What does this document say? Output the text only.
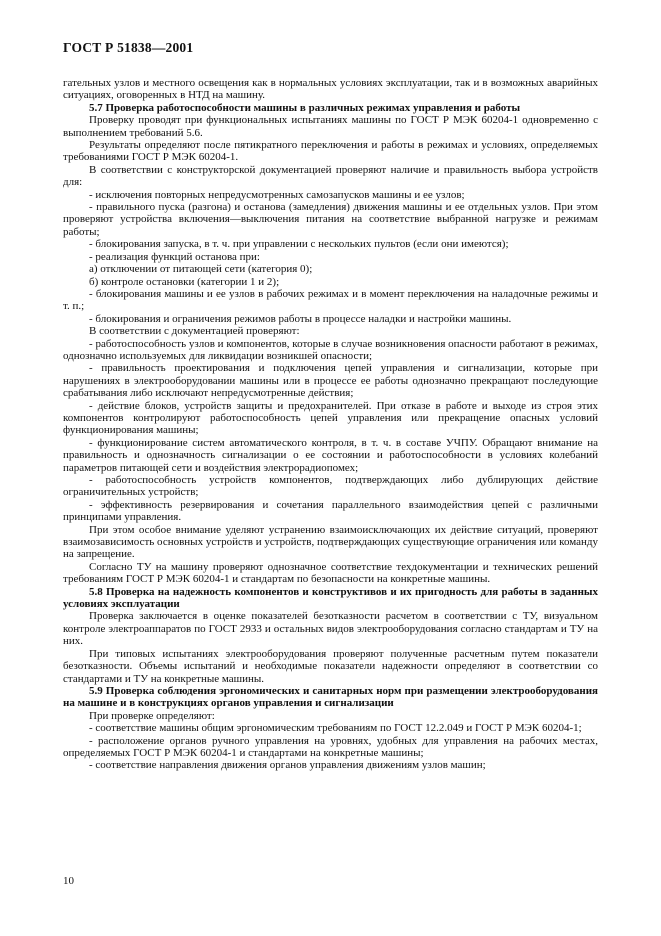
ГОСТ Р 51838—2001

гательных узлов и местного освещения как в нормальных условиях эксплуатации, так и в возможных аварийных ситуациях, оговоренных в НТД на машину.

5.7 Проверка работоспособности машины в различных режимах управления и работы

Проверку проводят при функциональных испытаниях машины по ГОСТ Р МЭК 60204-1 одновременно с выполнением требований 5.6.

Результаты определяют после пятикратного переключения и работы в режимах и условиях, определяемых требованиями ГОСТ Р МЭК 60204-1.

В соответствии с конструкторской документацией проверяют наличие и правильность выбора устройств для:

- исключения повторных непредусмотренных самозапусков машины и ее узлов;

- правильного пуска (разгона) и останова (замедления) движения машины и ее отдельных узлов. При этом проверяют устройства включения—выключения питания на соответствие выбранной нагрузке и режимам работы;

- блокирования запуска, в т. ч. при управлении с нескольких пультов (если они имеются);

- реализация функций останова при:

а) отключении от питающей сети (категория 0);

б) контроле остановки (категории 1 и 2);

- блокирования машины и ее узлов в рабочих режимах и в момент переключения на наладочные режимы и т. п.;

- блокирования и ограничения режимов работы в процессе наладки и настройки машины.

В соответствии с документацией проверяют:

- работоспособность узлов и компонентов, которые в случае возникновения опасности работают в режимах, однозначно используемых для ликвидации возникшей опасности;

- правильность проектирования и подключения цепей управления и сигнализации, которые при нарушениях в электрооборудовании машины или в процессе ее работы однозначно прекращают последующие срабатывания либо исключают непредусмотренные действия;

- действие блоков, устройств защиты и предохранителей. При отказе в работе и выходе из строя этих компонентов контролируют работоспособность цепей управления или прекращение опасных условий функционирования машины;

- функционирование систем автоматического контроля, в т. ч. в составе УЧПУ. Обращают внимание на правильность и однозначность сигнализации о ее состоянии и работоспособности в условиях колебаний параметров питающей сети и воздействия электрорадиопомех;

- работоспособность устройств компонентов, подтверждающих либо дублирующих действие ограничительных устройств;

- эффективность резервирования и сочетания параллельного взаимодействия цепей с различными принципами управления.

При этом особое внимание уделяют устранению взаимоисключающих их действие ситуаций, проверяют взаимозависимость основных устройств и устройств, подтверждающих существующие ограничения или команду на запрещение.

Согласно ТУ на машину проверяют однозначное соответствие техдокументации и технических решений требованиям ГОСТ Р МЭК 60204-1 и стандартам по безопасности на конкретные машины.

5.8 Проверка на надежность компонентов и конструктивов и их пригодность для работы в заданных условиях эксплуатации

Проверка заключается в оценке показателей безотказности расчетом в соответствии с ТУ, визуальном контроле электроаппаратов по ГОСТ 2933 и остальных видов электрооборудования согласно стандартам и ТУ на них.

При типовых испытаниях электрооборудования проверяют полученные расчетным путем показатели безотказности. Объемы испытаний и необходимые показатели надежности определяют в соответствии со стандартами и ТУ на конкретные машины.

5.9 Проверка соблюдения эргономических и санитарных норм при размещении электрооборудования на машине и в конструкциях органов управления и сигнализации

При проверке определяют:

- соответствие машины общим эргономическим требованиям по ГОСТ 12.2.049 и ГОСТ Р МЭК 60204-1;

- расположение органов ручного управления на уровнях, удобных для управления на рабочих местах, определяемых ГОСТ Р МЭК 60204-1 и стандартами на конкретные машины;

- соответствие направления движения органов управления движениям узлов машин;

10
